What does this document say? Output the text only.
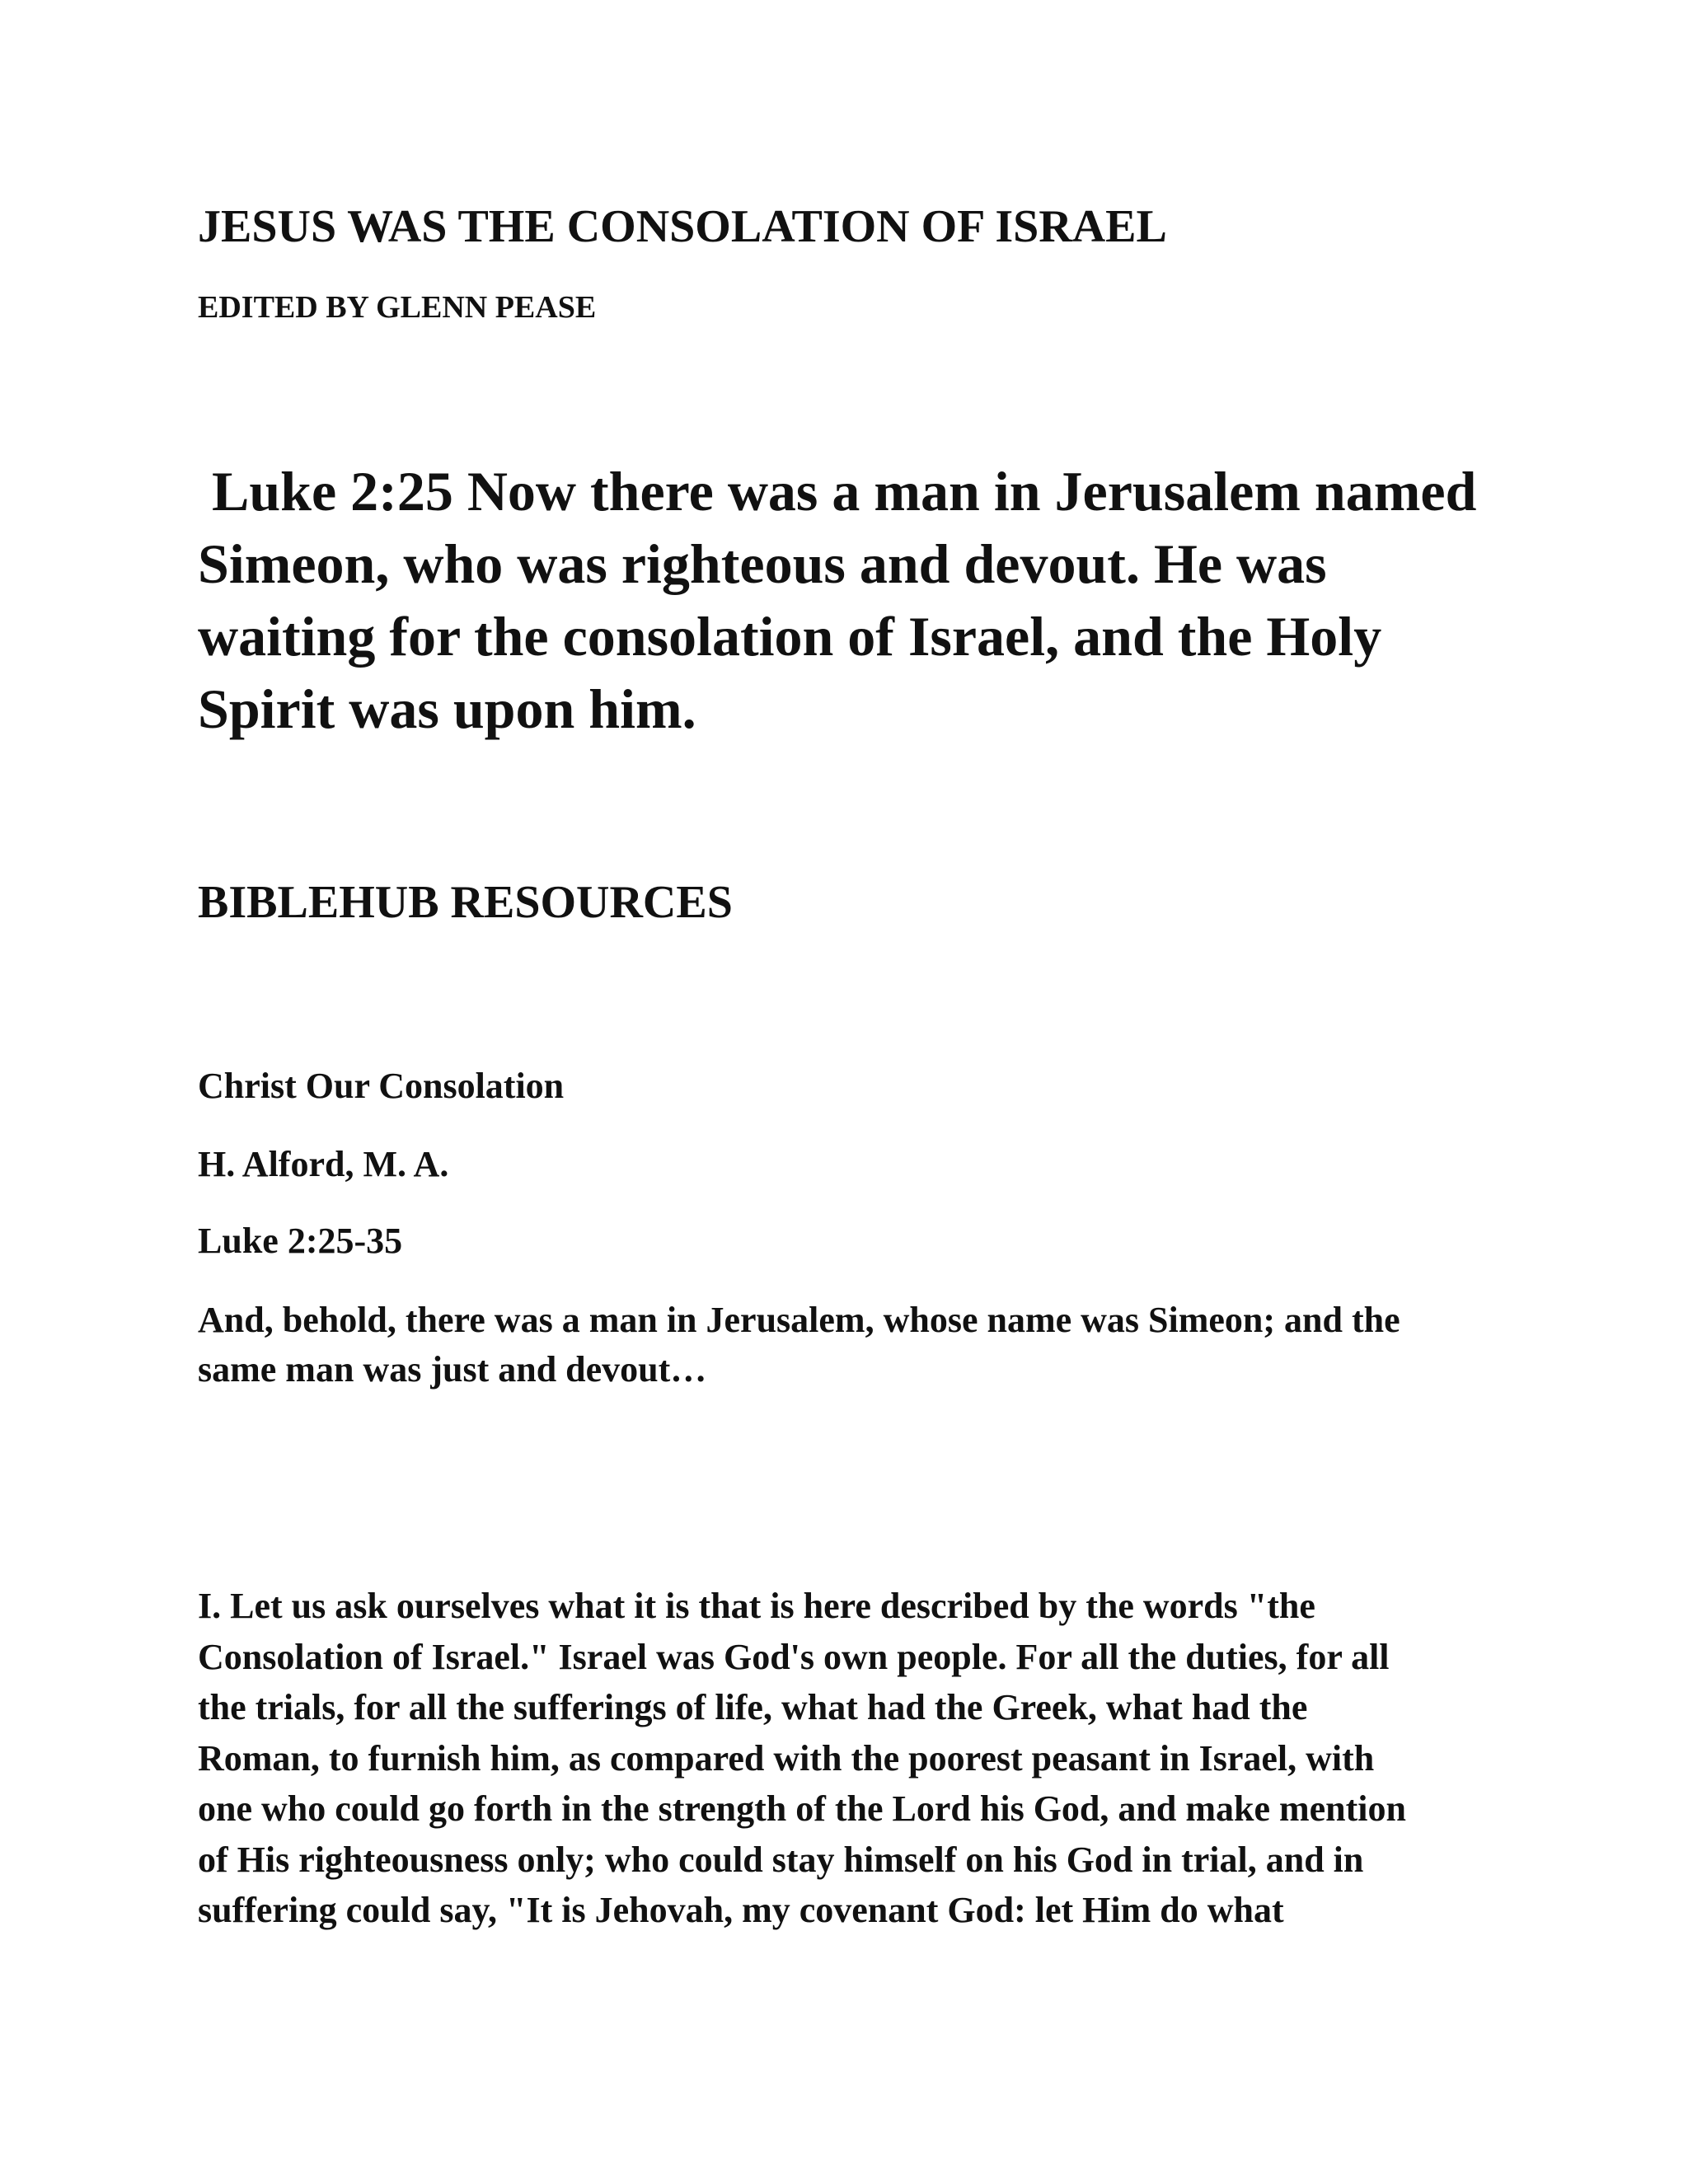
JESUS WAS THE CONSOLATION OF ISRAEL
EDITED BY GLENN PEASE
Luke 2:25 Now there was a man in Jerusalem named
Simeon, who was righteous and devout. He was
waiting for the consolation of Israel, and the Holy
Spirit was upon him.
BIBLEHUB RESOURCES
Christ Our Consolation
H. Alford, M. A.
Luke 2:25-35
And, behold, there was a man in Jerusalem, whose name was Simeon; and the
same man was just and devout…
I. Let us ask ourselves what it is that is here described by the words "the
Consolation of Israel." Israel was God's own people. For all the duties, for all
the trials, for all the sufferings of life, what had the Greek, what had the
Roman, to furnish him, as compared with the poorest peasant in Israel, with
one who could go forth in the strength of the Lord his God, and make mention
of His righteousness only; who could stay himself on his God in trial, and in
suffering could say, "It is Jehovah, my covenant God: let Him do what
